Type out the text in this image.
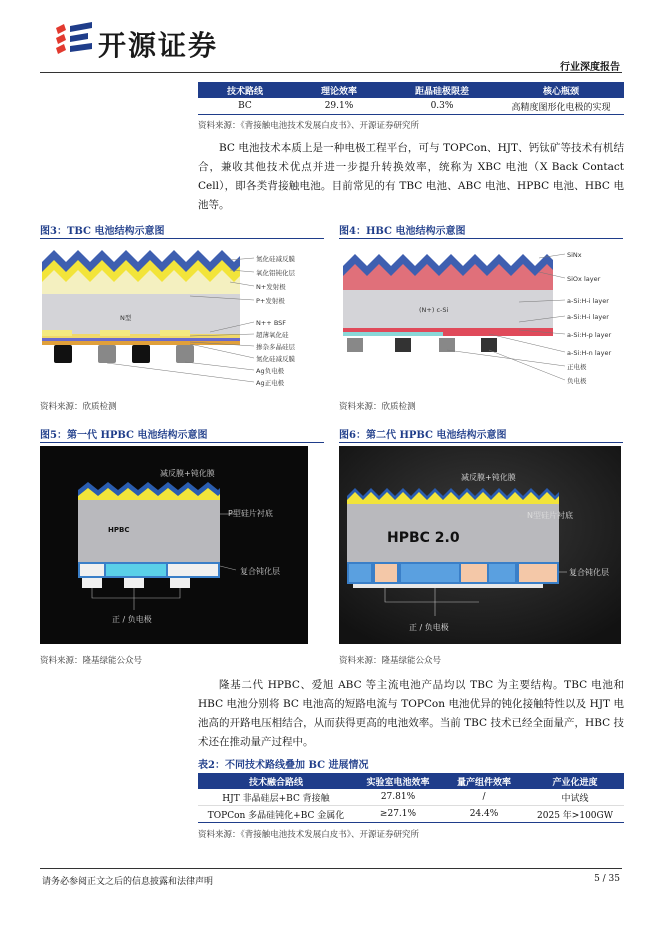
开源证券
行业深度报告
技术路线	理论效率	距晶硅极限差	核心瓶颈
BC	29.1%	0.3%	高精度图形化电极的实现
资料来源：《背接触电池技术发展白皮书》、开源证券研究所
BC 电池技术本质上是一种电极工程平台，可与 TOPCon、HJT、钙钛矿等技术有机结合，兼收其他技术优点并进一步提升转换效率，统称为 XBC 电池（X Back Contact Cell），即各类背接触电池。目前常见的有 TBC 电池、ABC 电池、HPBC 电池、HBC 电池等。
图3：TBC 电池结构示意图
N型
氮化硅减反膜
氧化铝钝化层
N+发射极
P+发射极
N++ BSF
超薄氧化硅
掺杂多晶硅层
氮化硅减反膜
Ag负电极
Ag正电极
资料来源：欣质检测
图4：HBC 电池结构示意图
(N+) c-Si
SiNx
SiOx layer
a-Si:H-i layer
a-Si:H-i layer
a-Si:H-p layer
a-Si:H-n layer
正电极
负电极
资料来源：欣质检测
图5：第一代 HPBC 电池结构示意图
减反膜+钝化膜
HPBC
P型硅片衬底
复合钝化层
正 / 负电极
资料来源：隆基绿能公众号
图6：第二代 HPBC 电池结构示意图
减反膜+钝化膜
HPBC 2.0
N型硅片衬底
复合钝化层
正 / 负电极
资料来源：隆基绿能公众号
隆基二代 HPBC、爱旭 ABC 等主流电池产品均以 TBC 为主要结构。TBC 电池和 HBC 电池分别将 BC 电池高的短路电流与 TOPCon 电池优异的钝化接触特性以及 HJT 电池高的开路电压相结合，从而获得更高的电池效率。当前 TBC 技术已经全面量产，HBC 技术还在推动量产过程中。
表2：不同技术路线叠加 BC 进展情况
技术融合路线	实验室电池效率	量产组件效率	产业化进度
HJT 非晶硅层+BC 背接触	27.81%	/	中试线
TOPCon 多晶硅钝化+BC 金属化	≥27.1%	24.4%	2025 年>100GW
资料来源：《背接触电池技术发展白皮书》、开源证券研究所
请务必参阅正文之后的信息披露和法律声明	5 / 35
